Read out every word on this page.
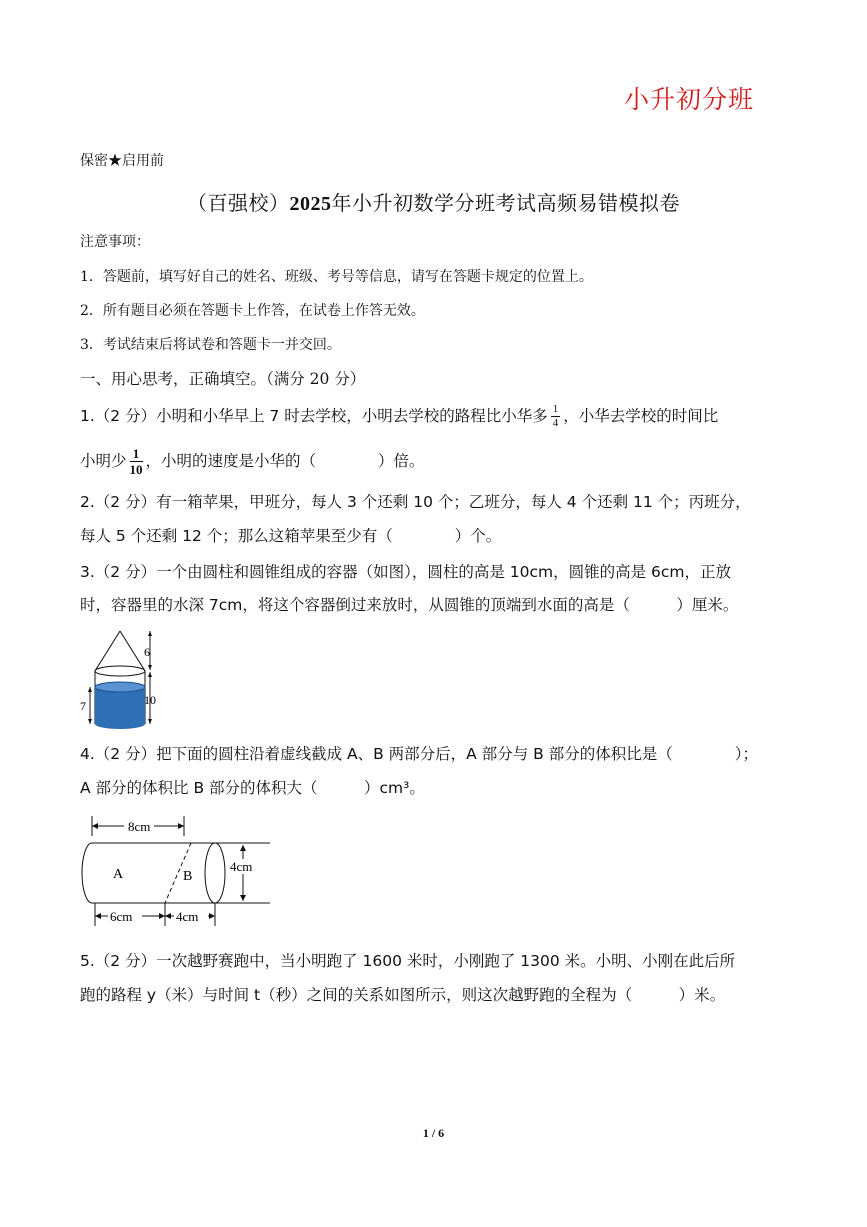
小升初分班
保密★启用前
（百强校）2025年小升初数学分班考试高频易错模拟卷
注意事项：
1．答题前，填写好自己的姓名、班级、考号等信息，请写在答题卡规定的位置上。
2．所有题目必须在答题卡上作答，在试卷上作答无效。
3．考试结束后将试卷和答题卡一并交回。
一、用心思考，正确填空。（满分 20 分）
1.（2 分）小明和小华早上 7 时去学校，小明去学校的路程比小华多 $\frac{1}{4}$ ，小华去学校的时间比
小明少 $\frac{1}{10}$ ，小明的速度是小华的（　　　　）倍。
2.（2 分）有一箱苹果，甲班分，每人 3 个还剩 10 个；乙班分，每人 4 个还剩 11 个；丙班分，
每人 5 个还剩 12 个；那么这箱苹果至少有（　　　　）个。
3.（2 分）一个由圆柱和圆锥组成的容器（如图），圆柱的高是 10cm，圆锥的高是 6cm，正放
时，容器里的水深 7cm，将这个容器倒过来放时，从圆锥的顶端到水面的高是（　　　）厘米。
6
10
7
4.（2 分）把下面的圆柱沿着虚线截成 A、B 两部分后，A 部分与 B 部分的体积比是（　　　　）；
A 部分的体积比 B 部分的体积大（　　　）cm³。
8cm
A	B
4cm
6cm	4cm
5.（2 分）一次越野赛跑中，当小明跑了 1600 米时，小刚跑了 1300 米。小明、小刚在此后所
跑的路程 y（米）与时间 t（秒）之间的关系如图所示，则这次越野跑的全程为（　　　）米。
1 / 6
